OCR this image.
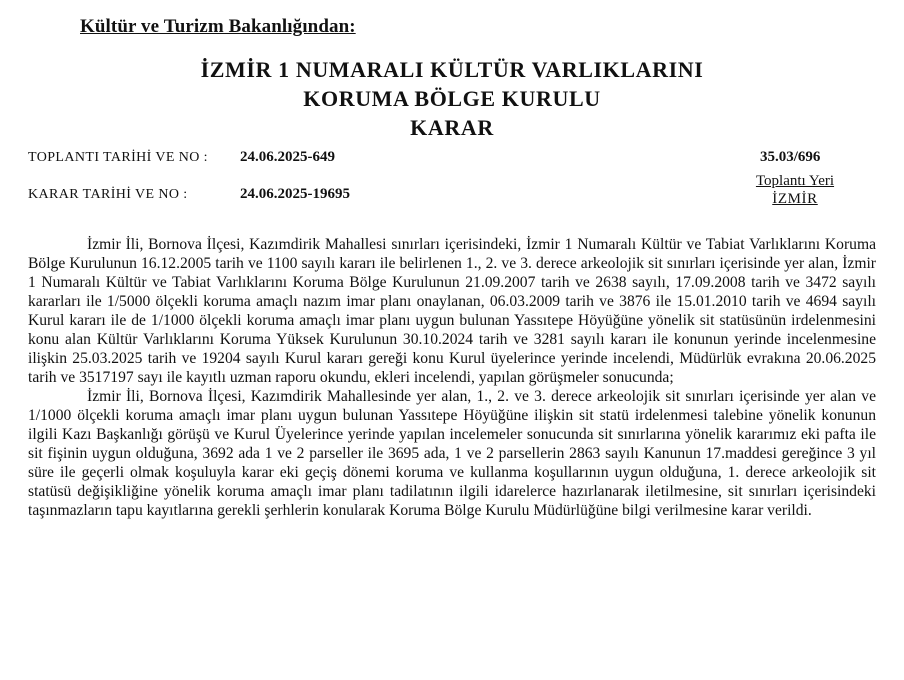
Kültür ve Turizm Bakanlığından:
İZMİR 1 NUMARALI KÜLTÜR VARLIKLARINI
KORUMA BÖLGE KURULU
KARAR
TOPLANTI TARİHİ VE NO : 24.06.2025-649
KARAR TARİHİ VE NO :	24.06.2025-19695
35.03/696
Toplantı Yeri
İZMİR

İzmir İli, Bornova İlçesi, Kazımdirik Mahallesi sınırları içerisindeki, İzmir 1 Numaralı Kültür ve Tabiat Varlıklarını Koruma Bölge Kurulunun 16.12.2005 tarih ve 1100 sayılı kararı ile belirlenen 1., 2. ve 3. derece arkeolojik sit sınırları içerisinde yer alan, İzmir 1 Numaralı Kültür ve Tabiat Varlıklarını Koruma Bölge Kurulunun 21.09.2007 tarih ve 2638 sayılı, 17.09.2008 tarih ve 3472 sayılı kararları ile 1/5000 ölçekli koruma amaçlı nazım imar planı onaylanan, 06.03.2009 tarih ve 3876 ile 15.01.2010 tarih ve 4694 sayılı Kurul kararı ile de 1/1000 ölçekli koruma amaçlı imar planı uygun bulunan Yassıtepe Höyüğüne yönelik sit statüsünün irdelenmesini konu alan Kültür Varlıklarını Koruma Yüksek Kurulunun 30.10.2024 tarih ve 3281 sayılı kararı ile konunun yerinde incelenmesine ilişkin 25.03.2025 tarih ve 19204 sayılı Kurul kararı gereği konu Kurul üyelerince yerinde incelendi, Müdürlük evrakına 20.06.2025 tarih ve 3517197 sayı ile kayıtlı uzman raporu okundu, ekleri incelendi, yapılan görüşmeler sonucunda;

İzmir İli, Bornova İlçesi, Kazımdirik Mahallesinde yer alan, 1., 2. ve 3. derece arkeolojik sit sınırları içerisinde yer alan ve 1/1000 ölçekli koruma amaçlı imar planı uygun bulunan Yassıtepe Höyüğüne ilişkin sit statü irdelenmesi talebine yönelik konunun ilgili Kazı Başkanlığı görüşü ve Kurul Üyelerince yerinde yapılan incelemeler sonucunda sit sınırlarına yönelik kararımız eki pafta ile sit fişinin uygun olduğuna, 3692 ada 1 ve 2 parseller ile 3695 ada, 1 ve 2 parsellerin 2863 sayılı Kanunun 17.maddesi gereğince 3 yıl süre ile geçerli olmak koşuluyla karar eki geçiş dönemi koruma ve kullanma koşullarının uygun olduğuna, 1. derece arkeolojik sit statüsü değişikliğine yönelik koruma amaçlı imar planı tadilatının ilgili idarelerce hazırlanarak iletilmesine, sit sınırları içerisindeki taşınmazların tapu kayıtlarına gerekli şerhlerin konularak Koruma Bölge Kurulu Müdürlüğüne bilgi verilmesine karar verildi.
